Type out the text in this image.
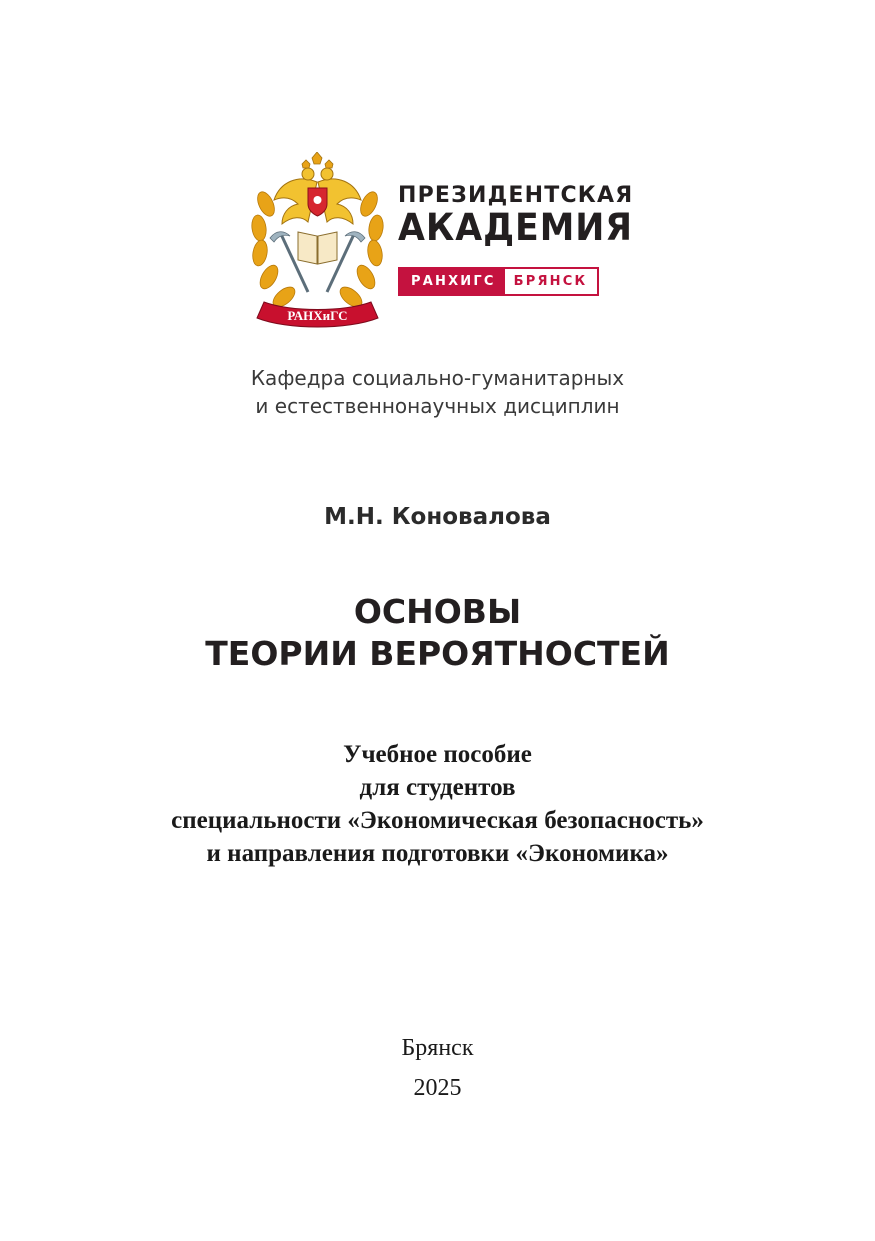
РАНХиГС
ПРЕЗИДЕНТСКАЯ
АКАДЕМИЯ
РАНХИГС	БРЯНСК
Кафедра социально-гуманитарных
и естественнонаучных дисциплин
М.Н. Коновалова
ОСНОВЫ
ТЕОРИИ ВЕРОЯТНОСТЕЙ
Учебное пособие
для студентов
специальности «Экономическая безопасность»
и направления подготовки «Экономика»
Брянск
2025
